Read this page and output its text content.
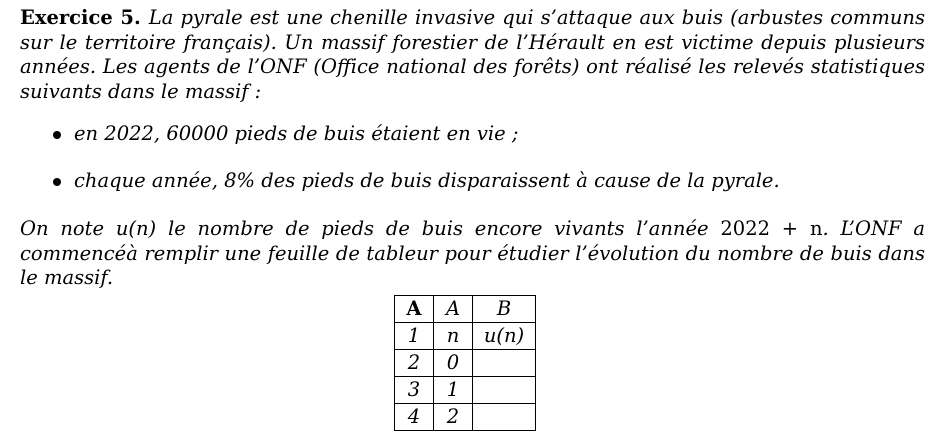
Exercice 5. La pyrale est une chenille invasive qui s’attaque aux buis (arbustes communs sur le territoire français). Un massif forestier de l’Hérault en est victime depuis plusieurs années. Les agents de l’ONF (Office national des forêts) ont réalisé les relevés statistiques suivants dans le massif :

en 2022, 60000 pieds de buis étaient en vie ;
chaque année, 8% des pieds de buis disparaissent à cause de la pyrale.

On note u(n) le nombre de pieds de buis encore vivants l’année 2022 + n. L’ONF a commencéà remplir une feuille de tableur pour étudier l’évolution du nombre de buis dans le massif.

A	A	B
1	n	u(n)
2	0	
3	1	
4	2	
